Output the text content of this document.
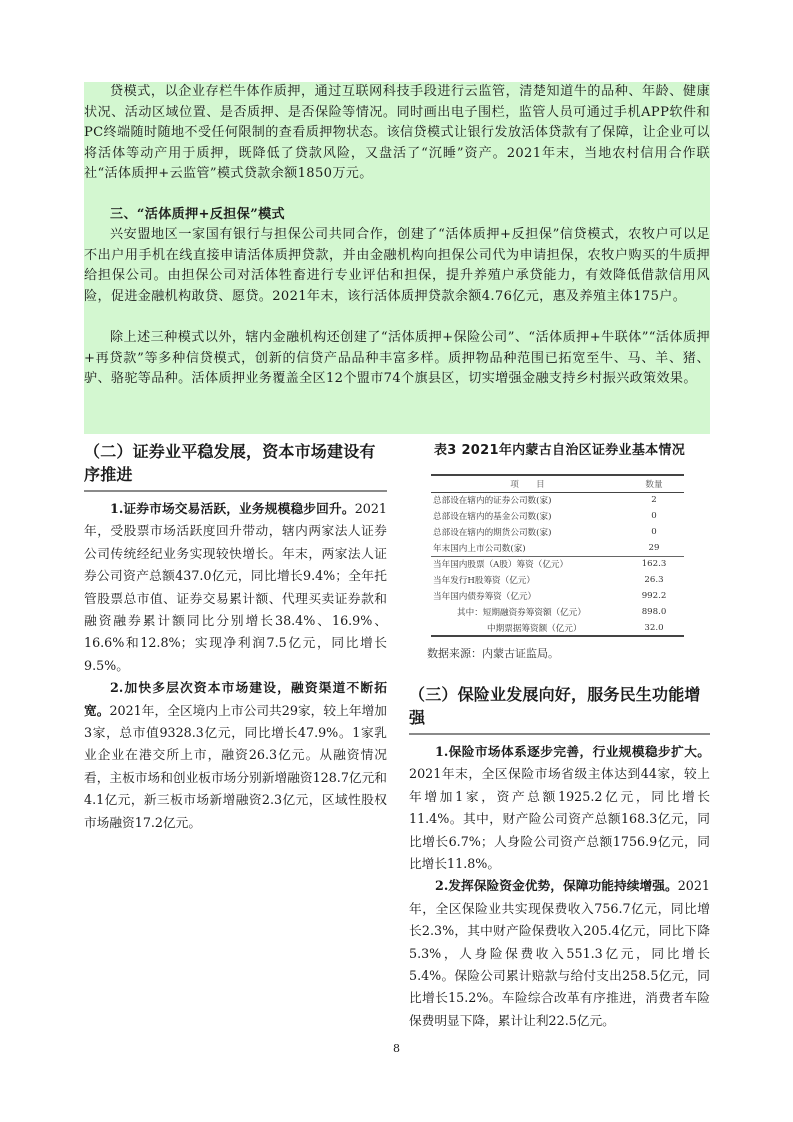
贷模式，以企业存栏牛体作质押，通过互联网科技手段进行云监管，清楚知道牛的品种、年龄、健康状况、活动区域位置、是否质押、是否保险等情况。同时画出电子围栏，监管人员可通过手机APP软件和PC终端随时随地不受任何限制的查看质押物状态。该信贷模式让银行发放活体贷款有了保障，让企业可以将活体等动产用于质押，既降低了贷款风险，又盘活了“沉睡”资产。2021年末，当地农村信用合作联社“活体质押+云监管”模式贷款余额1850万元。

三、“活体质押+反担保”模式

兴安盟地区一家国有银行与担保公司共同合作，创建了“活体质押+反担保”信贷模式，农牧户可以足不出户用手机在线直接申请活体质押贷款，并由金融机构向担保公司代为申请担保，农牧户购买的牛质押给担保公司。由担保公司对活体牲畜进行专业评估和担保，提升养殖户承贷能力，有效降低借款信用风险，促进金融机构敢贷、愿贷。2021年末，该行活体质押贷款余额4.76亿元，惠及养殖主体175户。

除上述三种模式以外，辖内金融机构还创建了“活体质押+保险公司”、“活体质押+牛联体”“活体质押+再贷款”等多种信贷模式，创新的信贷产品品种丰富多样。质押物品种范围已拓宽至牛、马、羊、猪、驴、骆驼等品种。活体质押业务覆盖全区12个盟市74个旗县区，切实增强金融支持乡村振兴政策效果。

（二）证券业平稳发展，资本市场建设有序推进

1.证券市场交易活跃，业务规模稳步回升。2021年，受股票市场活跃度回升带动，辖内两家法人证券公司传统经纪业务实现较快增长。年末，两家法人证券公司资产总额437.0亿元，同比增长9.4%；全年托管股票总市值、证券交易累计额、代理买卖证券款和融资融券累计额同比分别增长38.4%、16.9%、16.6%和12.8%；实现净利润7.5亿元，同比增长9.5%。

2.加快多层次资本市场建设，融资渠道不断拓宽。2021年，全区境内上市公司共29家，较上年增加3家，总市值9328.3亿元，同比增长47.9%。1家乳业企业在港交所上市，融资26.3亿元。从融资情况看，主板市场和创业板市场分别新增融资128.7亿元和4.1亿元，新三板市场新增融资2.3亿元，区域性股权市场融资17.2亿元。

表3 2021年内蒙古自治区证券业基本情况
项　　目	数量
总部设在辖内的证券公司数(家)	2
总部设在辖内的基金公司数(家)	0
总部设在辖内的期货公司数(家)	0
年末国内上市公司数(家)	29
当年国内股票（A股）筹资（亿元）	162.3
当年发行H股筹资（亿元）	26.3
当年国内债券筹资（亿元）	992.2
其中：短期融资券筹资额（亿元）	898.0
中期票据筹资额（亿元）	32.0
数据来源：内蒙古证监局。
（三）保险业发展向好，服务民生功能增强

1.保险市场体系逐步完善，行业规模稳步扩大。2021年末，全区保险市场省级主体达到44家，较上年增加1家，资产总额1925.2亿元，同比增长11.4%。其中，财产险公司资产总额168.3亿元，同比增长6.7%；人身险公司资产总额1756.9亿元，同比增长11.8%。

2.发挥保险资金优势，保障功能持续增强。2021年，全区保险业共实现保费收入756.7亿元，同比增长2.3%，其中财产险保费收入205.4亿元，同比下降5.3%，人身险保费收入551.3亿元，同比增长5.4%。保险公司累计赔款与给付支出258.5亿元，同比增长15.2%。车险综合改革有序推进，消费者车险保费明显下降，累计让利22.5亿元。

8
